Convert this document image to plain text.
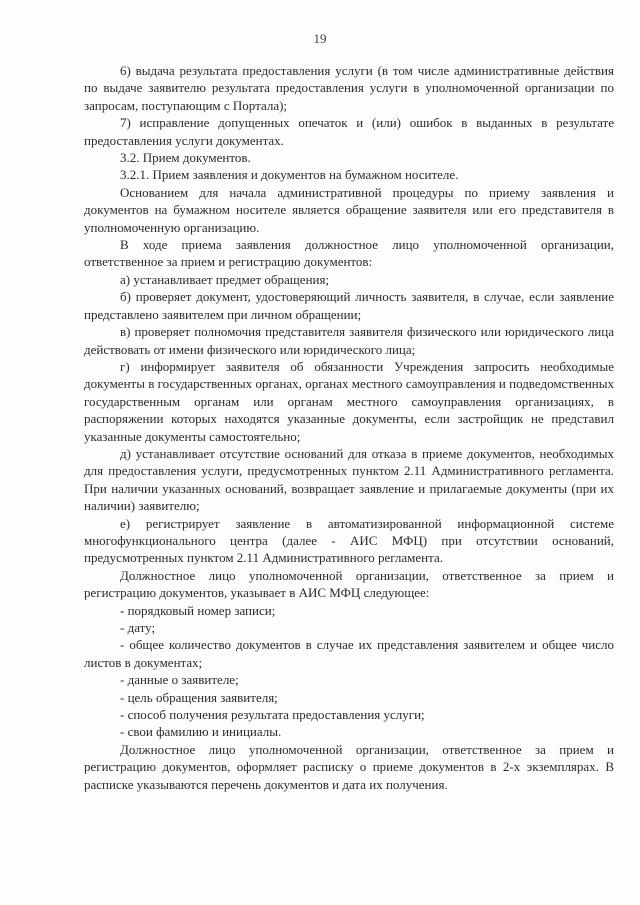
19

6) выдача результата предоставления услуги (в том числе административные действия по выдаче заявителю результата предоставления услуги в уполномоченной организации по запросам, поступающим с Портала);

7) исправление допущенных опечаток и (или) ошибок в выданных в результате предоставления услуги документах.

3.2. Прием документов.

3.2.1. Прием заявления и документов на бумажном носителе.

Основанием для начала административной процедуры по приему заявления и документов на бумажном носителе является обращение заявителя или его представителя в уполномоченную организацию.

В ходе приема заявления должностное лицо уполномоченной организации, ответственное за прием и регистрацию документов:

а) устанавливает предмет обращения;

б) проверяет документ, удостоверяющий личность заявителя, в случае, если заявление представлено заявителем при личном обращении;

в) проверяет полномочия представителя заявителя физического или юридического лица действовать от имени физического или юридического лица;

г) информирует заявителя об обязанности Учреждения запросить необходимые документы в государственных органах, органах местного самоуправления и подведомственных государственным органам или органам местного самоуправления организациях, в распоряжении которых находятся указанные документы, если застройщик не представил указанные документы самостоятельно;

д) устанавливает отсутствие оснований для отказа в приеме документов, необходимых для предоставления услуги, предусмотренных пунктом 2.11 Административного регламента. При наличии указанных оснований, возвращает заявление и прилагаемые документы (при их наличии) заявителю;

е) регистрирует заявление в автоматизированной информационной системе многофункционального центра (далее - АИС МФЦ) при отсутствии оснований, предусмотренных пунктом 2.11 Административного регламента.

Должностное лицо уполномоченной организации, ответственное за прием и регистрацию документов, указывает в АИС МФЦ следующее:

- порядковый номер записи;

- дату;

- общее количество документов в случае их представления заявителем и общее число листов в документах;

- данные о заявителе;

- цель обращения заявителя;

- способ получения результата предоставления услуги;

- свои фамилию и инициалы.

Должностное лицо уполномоченной организации, ответственное за прием и регистрацию документов, оформляет расписку о приеме документов в 2-х экземплярах. В расписке указываются перечень документов и дата их получения.
